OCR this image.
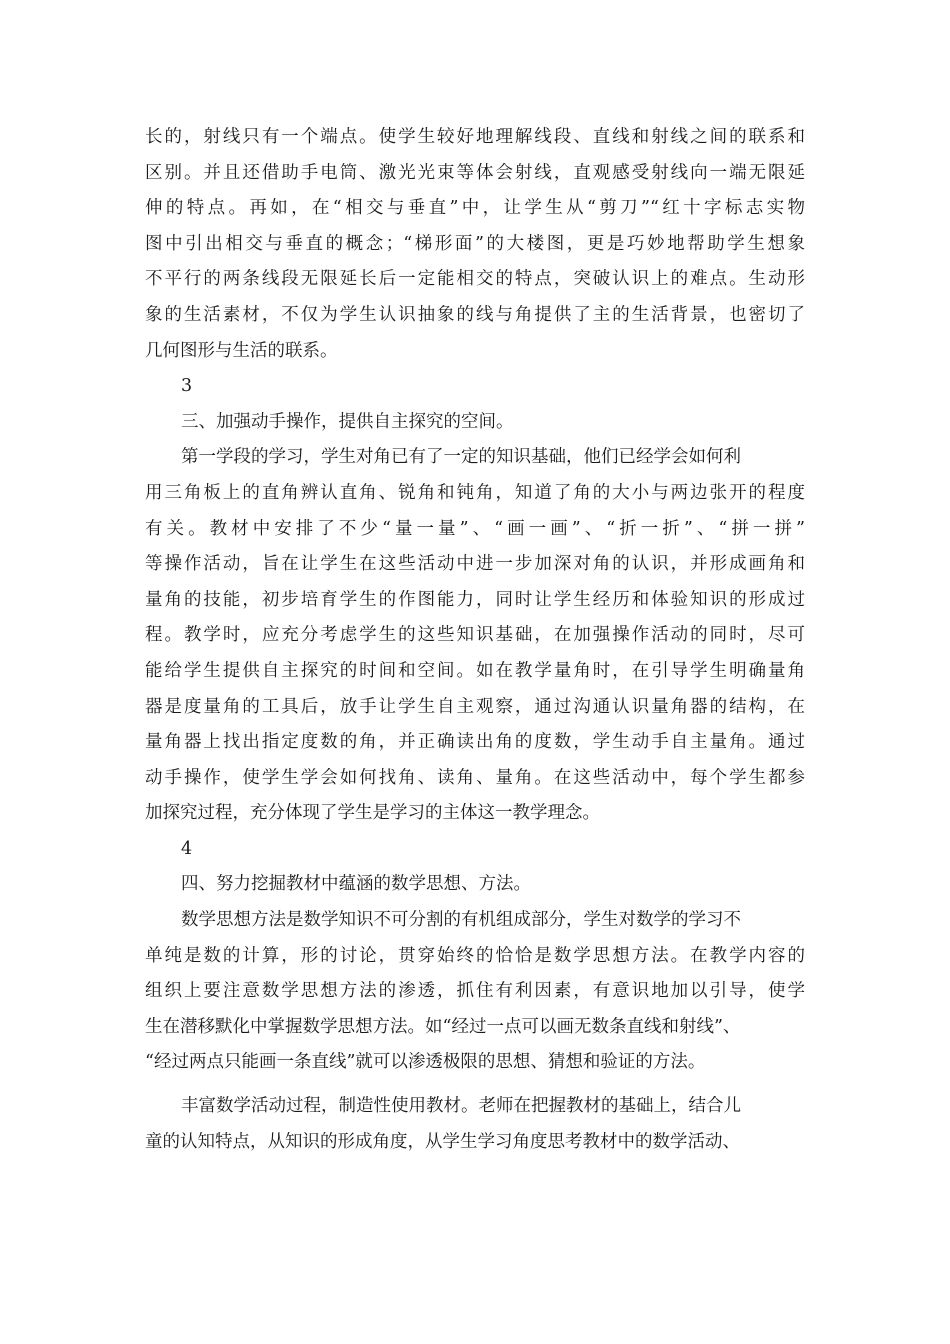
长的，射线只有一个端点。使学生较好地理解线段、直线和射线之间的联系和
区别。并且还借助手电筒、激光光束等体会射线，直观感受射线向一端无限延
伸的特点。再如，在“相交与垂直”中，让学生从“剪刀”“红十字标志实物
图中引出相交与垂直的概念；“梯形面”的大楼图，更是巧妙地帮助学生想象
不平行的两条线段无限延长后一定能相交的特点，突破认识上的难点。生动形
象的生活素材，不仅为学生认识抽象的线与角提供了主的生活背景，也密切了
几何图形与生活的联系。
3
三、加强动手操作，提供自主探究的空间。
第一学段的学习，学生对角已有了一定的知识基础，他们已经学会如何利
用三角板上的直角辨认直角、锐角和钝角，知道了角的大小与两边张开的程度
有关。教材中安排了不少“量一量”、“画一画”、“折一折”、“拼一拼”
等操作活动，旨在让学生在这些活动中进一步加深对角的认识，并形成画角和
量角的技能，初步培育学生的作图能力，同时让学生经历和体验知识的形成过
程。教学时，应充分考虑学生的这些知识基础，在加强操作活动的同时，尽可
能给学生提供自主探究的时间和空间。如在教学量角时，在引导学生明确量角
器是度量角的工具后，放手让学生自主观察，通过沟通认识量角器的结构，在
量角器上找出指定度数的角，并正确读出角的度数，学生动手自主量角。通过
动手操作，使学生学会如何找角、读角、量角。在这些活动中，每个学生都参
加探究过程，充分体现了学生是学习的主体这一教学理念。
4
四、努力挖掘教材中蕴涵的数学思想、方法。
数学思想方法是数学知识不可分割的有机组成部分，学生对数学的学习不
单纯是数的计算，形的讨论，贯穿始终的恰恰是数学思想方法。在教学内容的
组织上要注意数学思想方法的渗透，抓住有利因素，有意识地加以引导，使学
生在潜移默化中掌握数学思想方法。如“经过一点可以画无数条直线和射线”、
“经过两点只能画一条直线”就可以渗透极限的思想、猜想和验证的方法。
丰富数学活动过程，制造性使用教材。老师在把握教材的基础上，结合儿
童的认知特点，从知识的形成角度，从学生学习角度思考教材中的数学活动、
